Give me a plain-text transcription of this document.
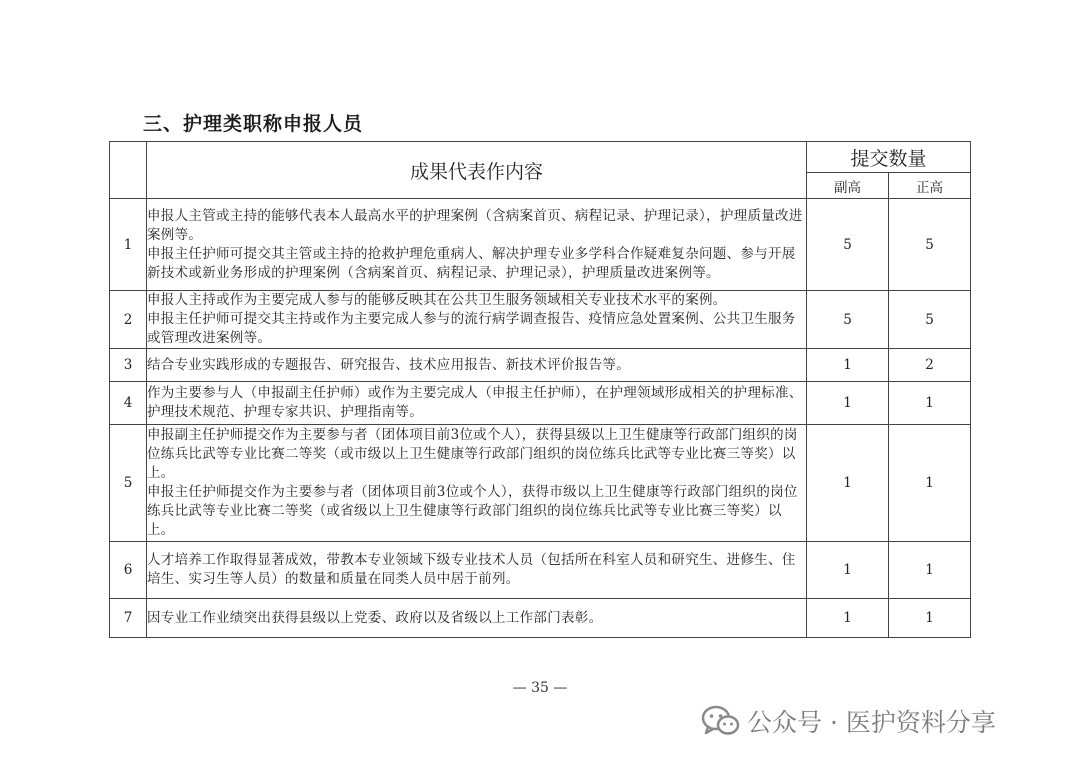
三、护理类职称申报人员
	成果代表作内容	提交数量	
		副高	正高
1	申报人主管或主持的能够代表本人最高水平的护理案例（含病案首页、病程记录、护理记录），护理质量改进案例等。
申报主任护师可提交其主管或主持的抢救护理危重病人、解决护理专业多学科合作疑难复杂问题、参与开展新技术或新业务形成的护理案例（含病案首页、病程记录、护理记录），护理质量改进案例等。	5	5
2	申报人主持或作为主要完成人参与的能够反映其在公共卫生服务领域相关专业技术水平的案例。
申报主任护师可提交其主持或作为主要完成人参与的流行病学调查报告、疫情应急处置案例、公共卫生服务或管理改进案例等。	5	5
3	结合专业实践形成的专题报告、研究报告、技术应用报告、新技术评价报告等。	1	2
4	作为主要参与人（申报副主任护师）或作为主要完成人（申报主任护师），在护理领域形成相关的护理标准、护理技术规范、护理专家共识、护理指南等。	1	1
5	申报副主任护师提交作为主要参与者（团体项目前3位或个人），获得县级以上卫生健康等行政部门组织的岗位练兵比武等专业比赛二等奖（或市级以上卫生健康等行政部门组织的岗位练兵比武等专业比赛三等奖）以上。
申报主任护师提交作为主要参与者（团体项目前3位或个人），获得市级以上卫生健康等行政部门组织的岗位练兵比武等专业比赛二等奖（或省级以上卫生健康等行政部门组织的岗位练兵比武等专业比赛三等奖）以上。	1	1
6	人才培养工作取得显著成效，带教本专业领域下级专业技术人员（包括所在科室人员和研究生、进修生、住培生、实习生等人员）的数量和质量在同类人员中居于前列。	1	1
7	因专业工作业绩突出获得县级以上党委、政府以及省级以上工作部门表彰。	1	1
— 35 —
公众号 · 医护资料分享
